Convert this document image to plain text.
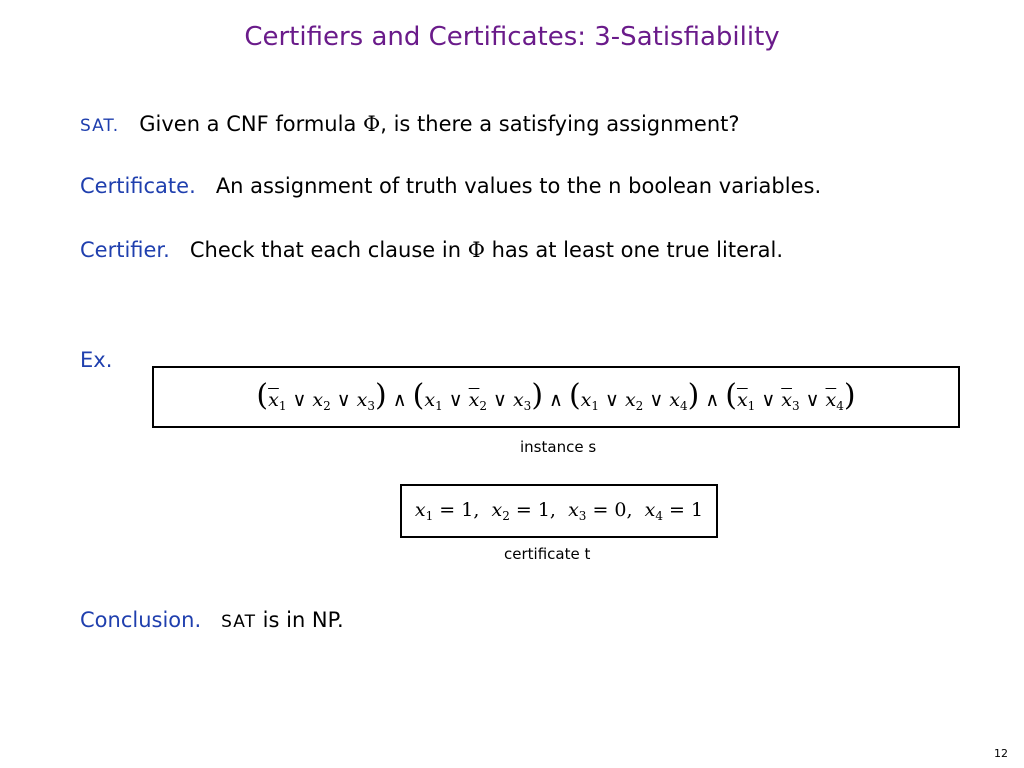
Certifiers and Certificates: 3-Satisfiability
SAT. Given a CNF formula Φ, is there a satisfying assignment?
Certificate. An assignment of truth values to the n boolean variables.
Certifier. Check that each clause in Φ has at least one true literal.
Ex.
($\overline{x}_1$ ∨ $x_2$ ∨ $x_3$) ∧ ($x_1$ ∨ $\overline{x}_2$ ∨ $x_3$) ∧ ($x_1$ ∨ $x_2$ ∨ $x_4$) ∧ ($\overline{x}_1$ ∨ $\overline{x}_3$ ∨ $\overline{x}_4$)
instance s
$x_1 = 1$,  $x_2 = 1$,  $x_3 = 0$,  $x_4 = 1$
certificate t
Conclusion. SAT is in NP.
12
